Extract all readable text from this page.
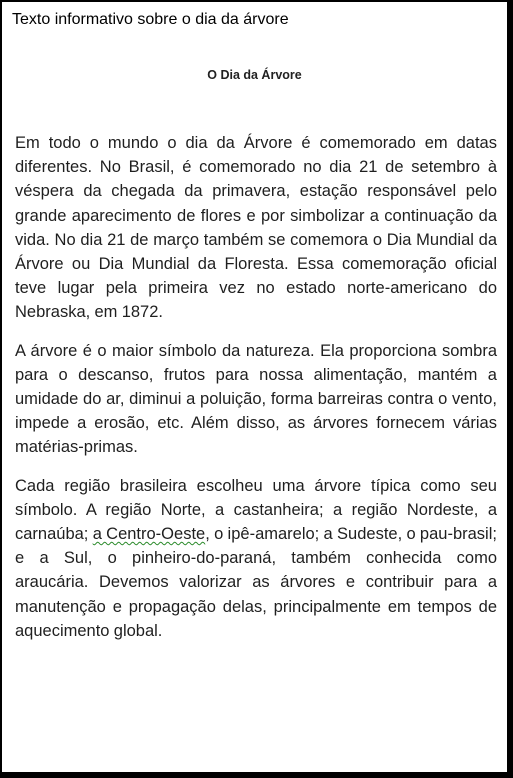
Texto informativo sobre o dia da árvore
O Dia da Árvore

Em todo o mundo o dia da Árvore é comemorado em datas diferentes. No Brasil, é comemorado no dia 21 de setembro à véspera da chegada da primavera, estação responsável pelo grande aparecimento de flores e por simbolizar a continuação da vida. No dia 21 de março também se comemora o Dia Mundial da Árvore ou Dia Mundial da Floresta. Essa comemoração oficial teve lugar pela primeira vez no estado norte-americano do Nebraska, em 1872.

A árvore é o maior símbolo da natureza. Ela proporciona sombra para o descanso, frutos para nossa alimentação, mantém a umidade do ar, diminui a poluição, forma barreiras contra o vento, impede a erosão, etc. Além disso, as árvores fornecem várias matérias-primas.

Cada região brasileira escolheu uma árvore típica como seu símbolo. A região Norte, a castanheira; a região Nordeste, a carnaúba; a Centro-Oeste, o ipê-amarelo; a Sudeste, o pau-brasil; e a Sul, o pinheiro-do-paraná, também conhecida como araucária. Devemos valorizar as árvores e contribuir para a manutenção e propagação delas, principalmente em tempos de aquecimento global.
